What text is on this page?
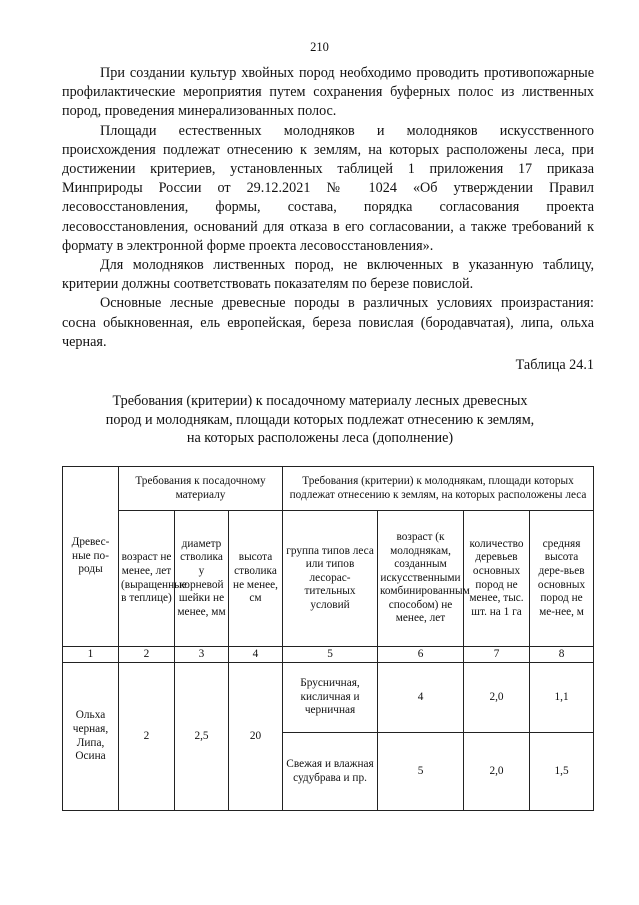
210

При создании культур хвойных пород необходимо проводить противопожарные профилактические мероприятия путем сохранения буферных полос из лиственных пород, проведения минерализованных полос.

Площади естественных молодняков и молодняков искусственного происхождения подлежат отнесению к землям, на которых расположены леса, при достижении критериев, установленных таблицей 1 приложения 17 приказа Минприроды России от 29.12.2021 № 1024 «Об утверждении Правил лесовосстановления, формы, состава, порядка согласования проекта лесовосстановления, оснований для отказа в его согласовании, а также требований к формату в электронной форме проекта лесовосстановления».

Для молодняков лиственных пород, не включенных в указанную таблицу, критерии должны соответствовать показателям по березе повислой.

Основные лесные древесные породы в различных условиях произрастания: сосна обыкновенная, ель европейская, береза повислая (бородавчатая), липа, ольха черная.

Таблица 24.1
Требования (критерии) к посадочному материалу лесных древесных пород и молоднякам, площади которых подлежат отнесению к землям, на которых расположены леса (дополнение)
Древес-ные по-роды	Требования к посадочному материалу			Требования (критерии) к молоднякам, площади которых подлежат отнесению к землям, на которых расположены леса			
	возраст не менее, лет (выращенные в теплице)	диаметр стволика у корневой шейки не менее, мм	высота стволика не менее, см	группа типов леса или типов лесорас-тительных условий	возраст (к молоднякам, созданным искусственными комбинированным способом) не менее, лет	количество деревьев основных пород не менее, тыс. шт. на 1 га	средняя высота дере-вьев основных пород не ме-нее, м
1	2	3	4	5	6	7	8
Ольха черная, Липа, Осина	2	2,5	20	Брусничная, кисличная и черничная	4	2,0	1,1
				Свежая и влажная судубрава и пр.	5	2,0	1,5
